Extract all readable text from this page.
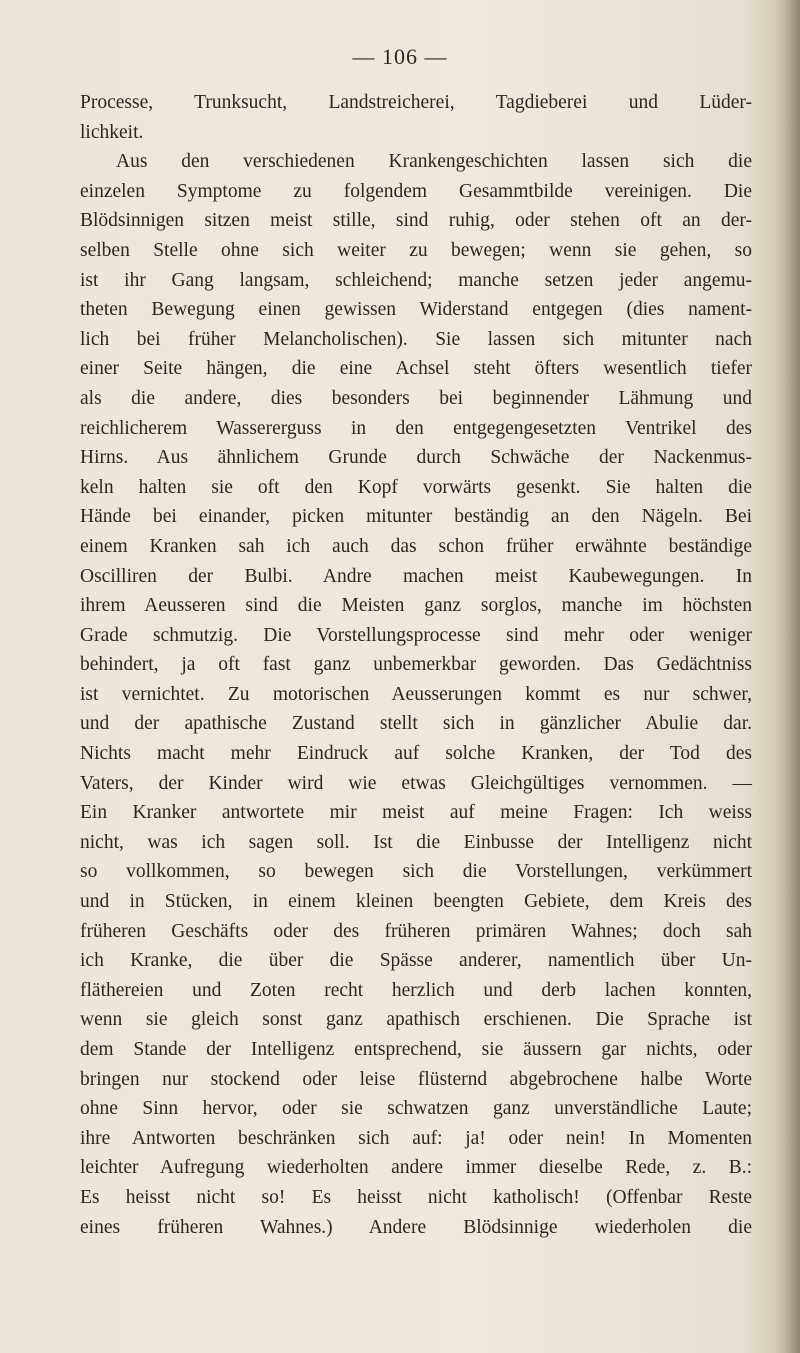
— 106 —
Processe, Trunksucht, Landstreicherei, Tagdieberei und Lüder-
lichkeit.
Aus den verschiedenen Krankengeschichten lassen sich die
einzelen Symptome zu folgendem Gesammtbilde vereinigen. Die
Blödsinnigen sitzen meist stille, sind ruhig, oder stehen oft an der-
selben Stelle ohne sich weiter zu bewegen; wenn sie gehen, so
ist ihr Gang langsam, schleichend; manche setzen jeder angemu-
theten Bewegung einen gewissen Widerstand entgegen (dies nament-
lich bei früher Melancholischen). Sie lassen sich mitunter nach
einer Seite hängen, die eine Achsel steht öfters wesentlich tiefer
als die andere, dies besonders bei beginnender Lähmung und
reichlicherem Wassererguss in den entgegengesetzten Ventrikel des
Hirns. Aus ähnlichem Grunde durch Schwäche der Nackenmus-
keln halten sie oft den Kopf vorwärts gesenkt. Sie halten die
Hände bei einander, picken mitunter beständig an den Nägeln. Bei
einem Kranken sah ich auch das schon früher erwähnte beständige
Oscilliren der Bulbi. Andre machen meist Kaubewegungen. In
ihrem Aeusseren sind die Meisten ganz sorglos, manche im höchsten
Grade schmutzig. Die Vorstellungsprocesse sind mehr oder weniger
behindert, ja oft fast ganz unbemerkbar geworden. Das Gedächtniss
ist vernichtet. Zu motorischen Aeusserungen kommt es nur schwer,
und der apathische Zustand stellt sich in gänzlicher Abulie dar.
Nichts macht mehr Eindruck auf solche Kranken, der Tod des
Vaters, der Kinder wird wie etwas Gleichgültiges vernommen. —
Ein Kranker antwortete mir meist auf meine Fragen: Ich weiss
nicht, was ich sagen soll. Ist die Einbusse der Intelligenz nicht
so vollkommen, so bewegen sich die Vorstellungen, verkümmert
und in Stücken, in einem kleinen beengten Gebiete, dem Kreis des
früheren Geschäfts oder des früheren primären Wahnes; doch sah
ich Kranke, die über die Spässe anderer, namentlich über Un-
fläthereien und Zoten recht herzlich und derb lachen konnten,
wenn sie gleich sonst ganz apathisch erschienen. Die Sprache ist
dem Stande der Intelligenz entsprechend, sie äussern gar nichts, oder
bringen nur stockend oder leise flüsternd abgebrochene halbe Worte
ohne Sinn hervor, oder sie schwatzen ganz unverständliche Laute;
ihre Antworten beschränken sich auf: ja! oder nein! In Momenten
leichter Aufregung wiederholten andere immer dieselbe Rede, z. B.:
Es heisst nicht so! Es heisst nicht katholisch! (Offenbar Reste
eines früheren Wahnes.) Andere Blödsinnige wiederholen die
